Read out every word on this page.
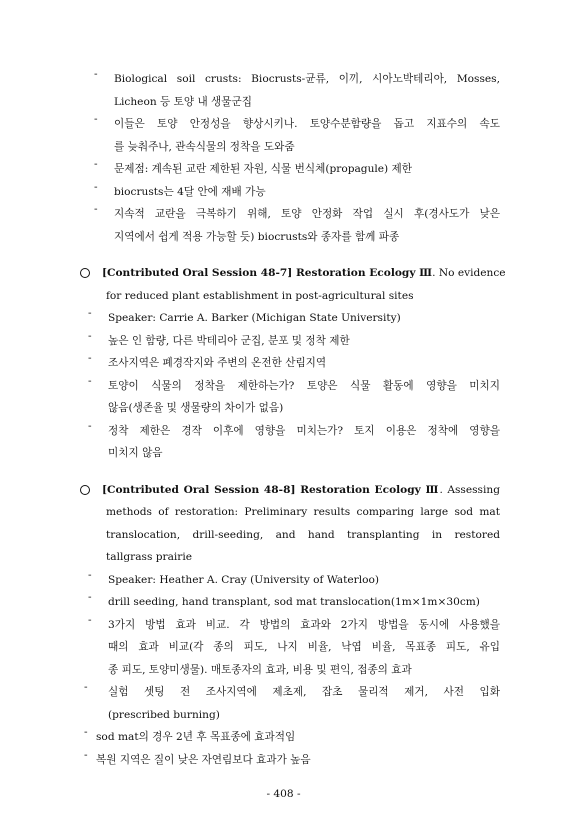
- Biological soil crusts: Biocrusts-균류, 이끼, 시아노박테리아, Mosses,
Licheon 등 토양 내 생물군집
- 이들은 토양 안정성을 향상시키나. 토양수분함량을 돕고 지표수의 속도
를 늦춰주나, 관속식물의 정착을 도와줌
- 문제점: 계속된 교란 제한된 자원, 식물 번식체(propagule) 제한
- biocrusts는 4달 안에 재배 가능
- 지속적 교란을 극복하기 위해, 토양 안정화 작업 실시 후(경사도가 낮은
지역에서 쉽게 적용 가능할 듯) biocrusts와 종자를 함께 파종
[Contributed Oral Session 48-7] Restoration Ecology Ⅲ. No evidence
for reduced plant establishment in post-agricultural sites
- Speaker: Carrie A. Barker (Michigan State University)
- 높은 인 함량, 다른 박테리아 군집, 분포 및 정착 제한
- 조사지역은 폐경작지와 주변의 온전한 산림지역
- 토양이 식물의 정착을 제한하는가? 토양은 식물 활동에 영향을 미치지
않음(생존율 및 생물량의 차이가 없음)
- 정착 제한은 경작 이후에 영향을 미치는가? 토지 이용은 정착에 영향을
미치지 않음
[Contributed Oral Session 48-8] Restoration Ecology Ⅲ. Assessing
methods of restoration: Preliminary results comparing large sod mat
translocation, drill-seeding, and hand transplanting in restored
tallgrass prairie
- Speaker: Heather A. Cray (University of Waterloo)
- drill seeding, hand transplant, sod mat translocation(1m×1m×30cm)
- 3가지 방법 효과 비교. 각 방법의 효과와 2가지 방법을 동시에 사용했을
때의 효과 비교(각 종의 피도, 나지 비율, 낙엽 비율, 목표종 피도, 유입
종 피도, 토양미생물). 매토종자의 효과, 비용 및 편익, 접종의 효과
- 실험 셋팅 전 조사지역에 제초제, 잡초 물리적 제거, 사전 입화
(prescribed burning)
- sod mat의 경우 2년 후 목표종에 효과적임
- 복원 지역은 질이 낮은 자연림보다 효과가 높음
- 408 -
